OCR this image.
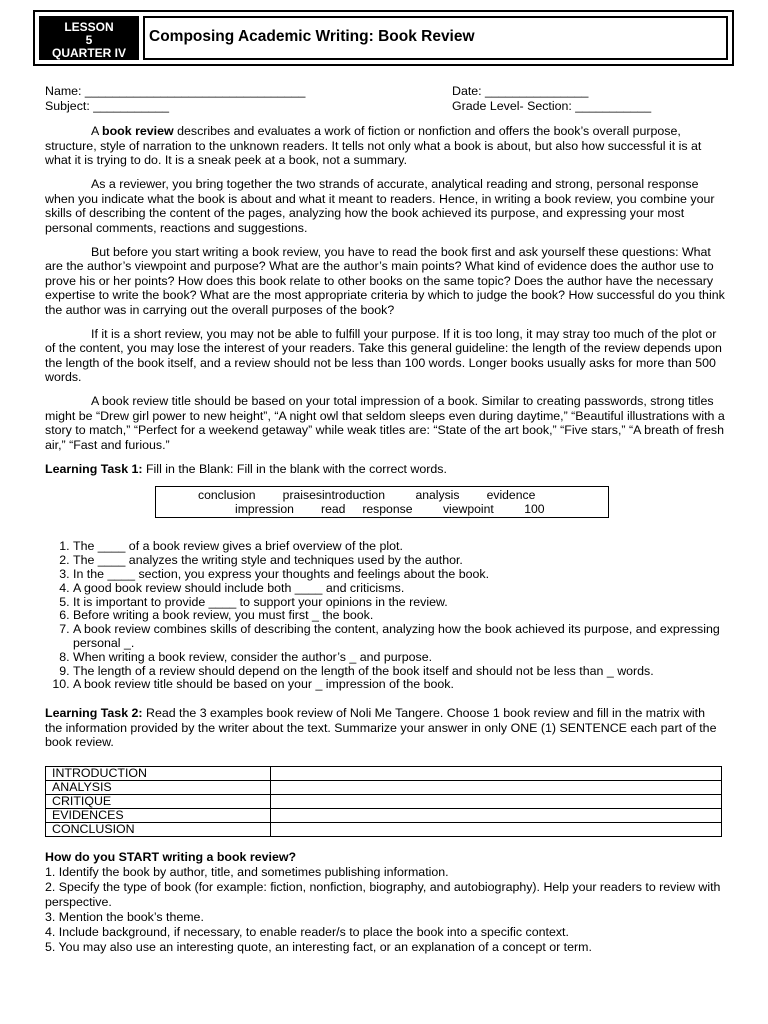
LESSON
5
QUARTER IV
Composing Academic Writing: Book Review
Name: ________________________________	Date: _______________
Subject: ___________	Grade Level- Section: ___________

A book review describes and evaluates a work of fiction or nonfiction and offers the book’s overall purpose, structure, style of narration to the unknown readers. It tells not only what a book is about, but also how successful it is at what it is trying to do. It is a sneak peek at a book, not a summary.

As a reviewer, you bring together the two strands of accurate, analytical reading and strong, personal response when you indicate what the book is about and what it meant to readers. Hence, in writing a book review, you combine your skills of describing the content of the pages, analyzing how the book achieved its purpose, and expressing your most personal comments, reactions and suggestions.

But before you start writing a book review, you have to read the book first and ask yourself these questions: What are the author’s viewpoint and purpose? What are the author’s main points? What kind of evidence does the author use to prove his or her points? How does this book relate to other books on the same topic? Does the author have the necessary expertise to write the book? What are the most appropriate criteria by which to judge the book? How successful do you think the author was in carrying out the overall purposes of the book?

If it is a short review, you may not be able to fulfill your purpose. If it is too long, it may stray too much of the plot or of the content, you may lose the interest of your readers. Take this general guideline: the length of the review depends upon the length of the book itself, and a review should not be less than 100 words. Longer books usually asks for more than 500 words.

A book review title should be based on your total impression of a book. Similar to creating passwords, strong titles might be “Drew girl power to new height”, “A night owl that seldom sleeps even during daytime,” “Beautiful illustrations with a story to match,” “Perfect for a weekend getaway” while weak titles are: “State of the art book,” “Five stars,” “A breath of fresh air,” “Fast and furious.”

Learning Task 1: Fill in the Blank: Fill in the blank with the correct words.

conclusion        praisesintroduction         analysis        evidence
impression        read     response         viewpoint         100
1. The ____ of a book review gives a brief overview of the plot.
2. The ____ analyzes the writing style and techniques used by the author.
3. In the ____ section, you express your thoughts and feelings about the book.
4. A good book review should include both ____ and criticisms.
5. It is important to provide ____ to support your opinions in the review.
6. Before writing a book review, you must first _ the book.
7. A book review combines skills of describing the content, analyzing how the book achieved its purpose, and expressing personal _.
8. When writing a book review, consider the author’s _ and purpose.
9. The length of a review should depend on the length of the book itself and should not be less than _ words.
10. A book review title should be based on your _ impression of the book.

Learning Task 2: Read the 3 examples book review of Noli Me Tangere. Choose 1 book review and fill in the matrix with the information provided by the writer about the text. Summarize your answer in only ONE (1) SENTENCE each part of the book review.

INTRODUCTION	
ANALYSIS	
CRITIQUE	
EVIDENCES	
CONCLUSION	
How do you START writing a book review?
1. Identify the book by author, title, and sometimes publishing information.
2. Specify the type of book (for example: fiction, nonfiction, biography, and autobiography). Help your readers to review with perspective.
3. Mention the book’s theme.
4. Include background, if necessary, to enable reader/s to place the book into a specific context.
5. You may also use an interesting quote, an interesting fact, or an explanation of a concept or term.
